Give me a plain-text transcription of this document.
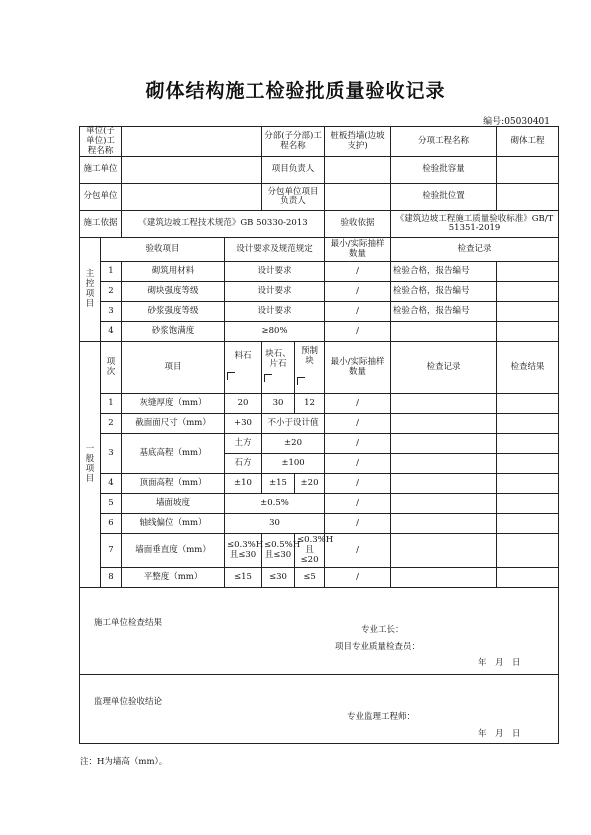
砌体结构施工检验批质量验收记录
编号:05030401
单位(子单位)工程名称				分部(子分部)工程名称		桩板挡墙(边坡支护)	分项工程名称	砌体工程
施工单位				项目负责人			检验批容量	
分包单位				分包单位项目负责人			检验批位置	
施工依据		《建筑边坡工程技术规范》GB 50330-2013				验收依据	《建筑边坡工程施工质量验收标准》GB/T 51351-2019	

主
控
项
目	验收项目		设计要求及规范规定			最小/实际抽样数量	检查记录	
	1	砌筑用材料	设计要求			/	检验合格，报告编号	
	2	砌块强度等级	设计要求			/	检验合格，报告编号	
	3	砂浆强度等级	设计要求			/	检验合格，报告编号	
	4	砂浆饱满度	≥80%			/		

一
般
项
目	项次	项目	料石	块石、片石	预制块	最小/实际抽样数量	检查记录	检查结果
	1	灰缝厚度（mm）	20	30	12	/		
	2	截面面尺寸（mm）	+30	不小于设计值		/		
	3	基底高程（mm）	土方	±20		/		
			石方	±100		/		
	4	顶面高程（mm）	±10	±15	±20	/		
	5	墙面坡度	±0.5%			/		
	6	轴线偏位（mm）	30			/		
	7	墙面垂直度（mm）	≤0.3%H且≤30	≤0.5%H且≤30	≤0.3%H且≤20	/		
	8	平整度（mm）	≤15	≤30	≤5	/		

施工单位检查结果
专业工长：
项目专业质量检查员：
年　月　日								

监理单位验收结论
专业监理工程师：
年　月　日								
注：H为墙高（mm）。
